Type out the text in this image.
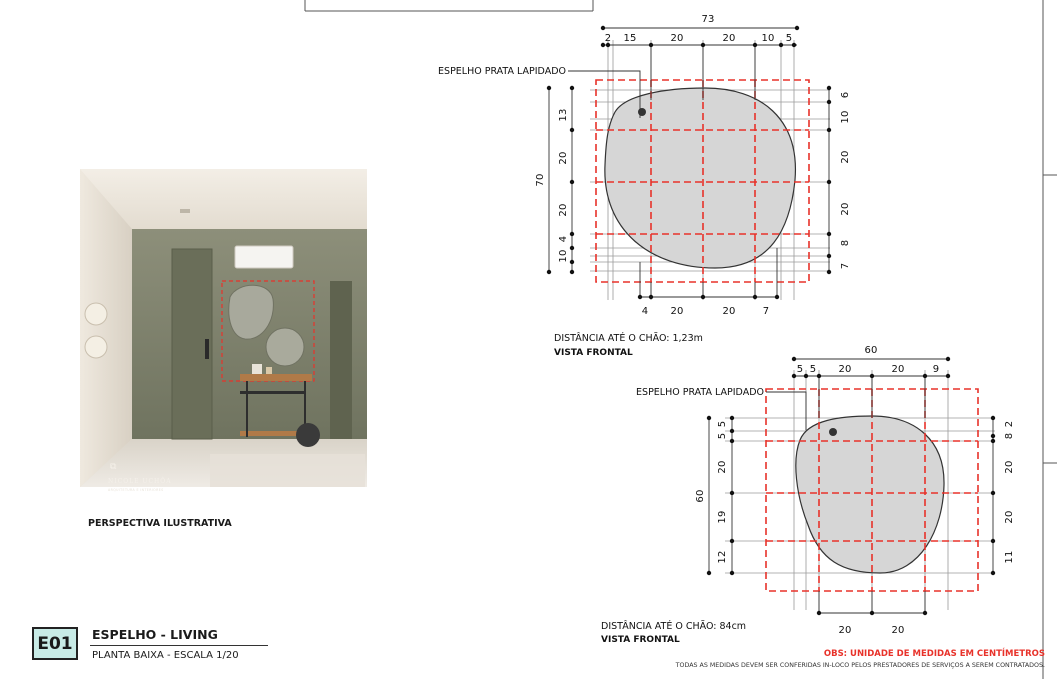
73
2 15	20	20	10 5
4 20	20	7
70
13
20
20
10
4
6
10
20
20
8
7
60
5 5 20	20	9
20	20
60
5
5
20
19
12
2
8
20
20
11
ESPELHO PRATA LAPIDADO
DISTÂNCIA ATÉ O CHÃO: 1,23m
VISTA FRONTAL
ESPELHO PRATA LAPIDADO
DISTÂNCIA ATÉ O CHÃO: 84cm
VISTA FRONTAL
⧉
NICOLE UCHÔA
ARQUITETURA E INTERIORES
PERSPECTIVA ILUSTRATIVA
E01	ESPELHO - LIVING
PLANTA BAIXA - ESCALA 1/20	OBS: UNIDADE DE MEDIDAS EM CENTÍMETROS
TODAS AS MEDIDAS DEVEM SER CONFERIDAS IN-LOCO PELOS PRESTADORES DE SERVIÇOS A SEREM CONTRATADOS.
